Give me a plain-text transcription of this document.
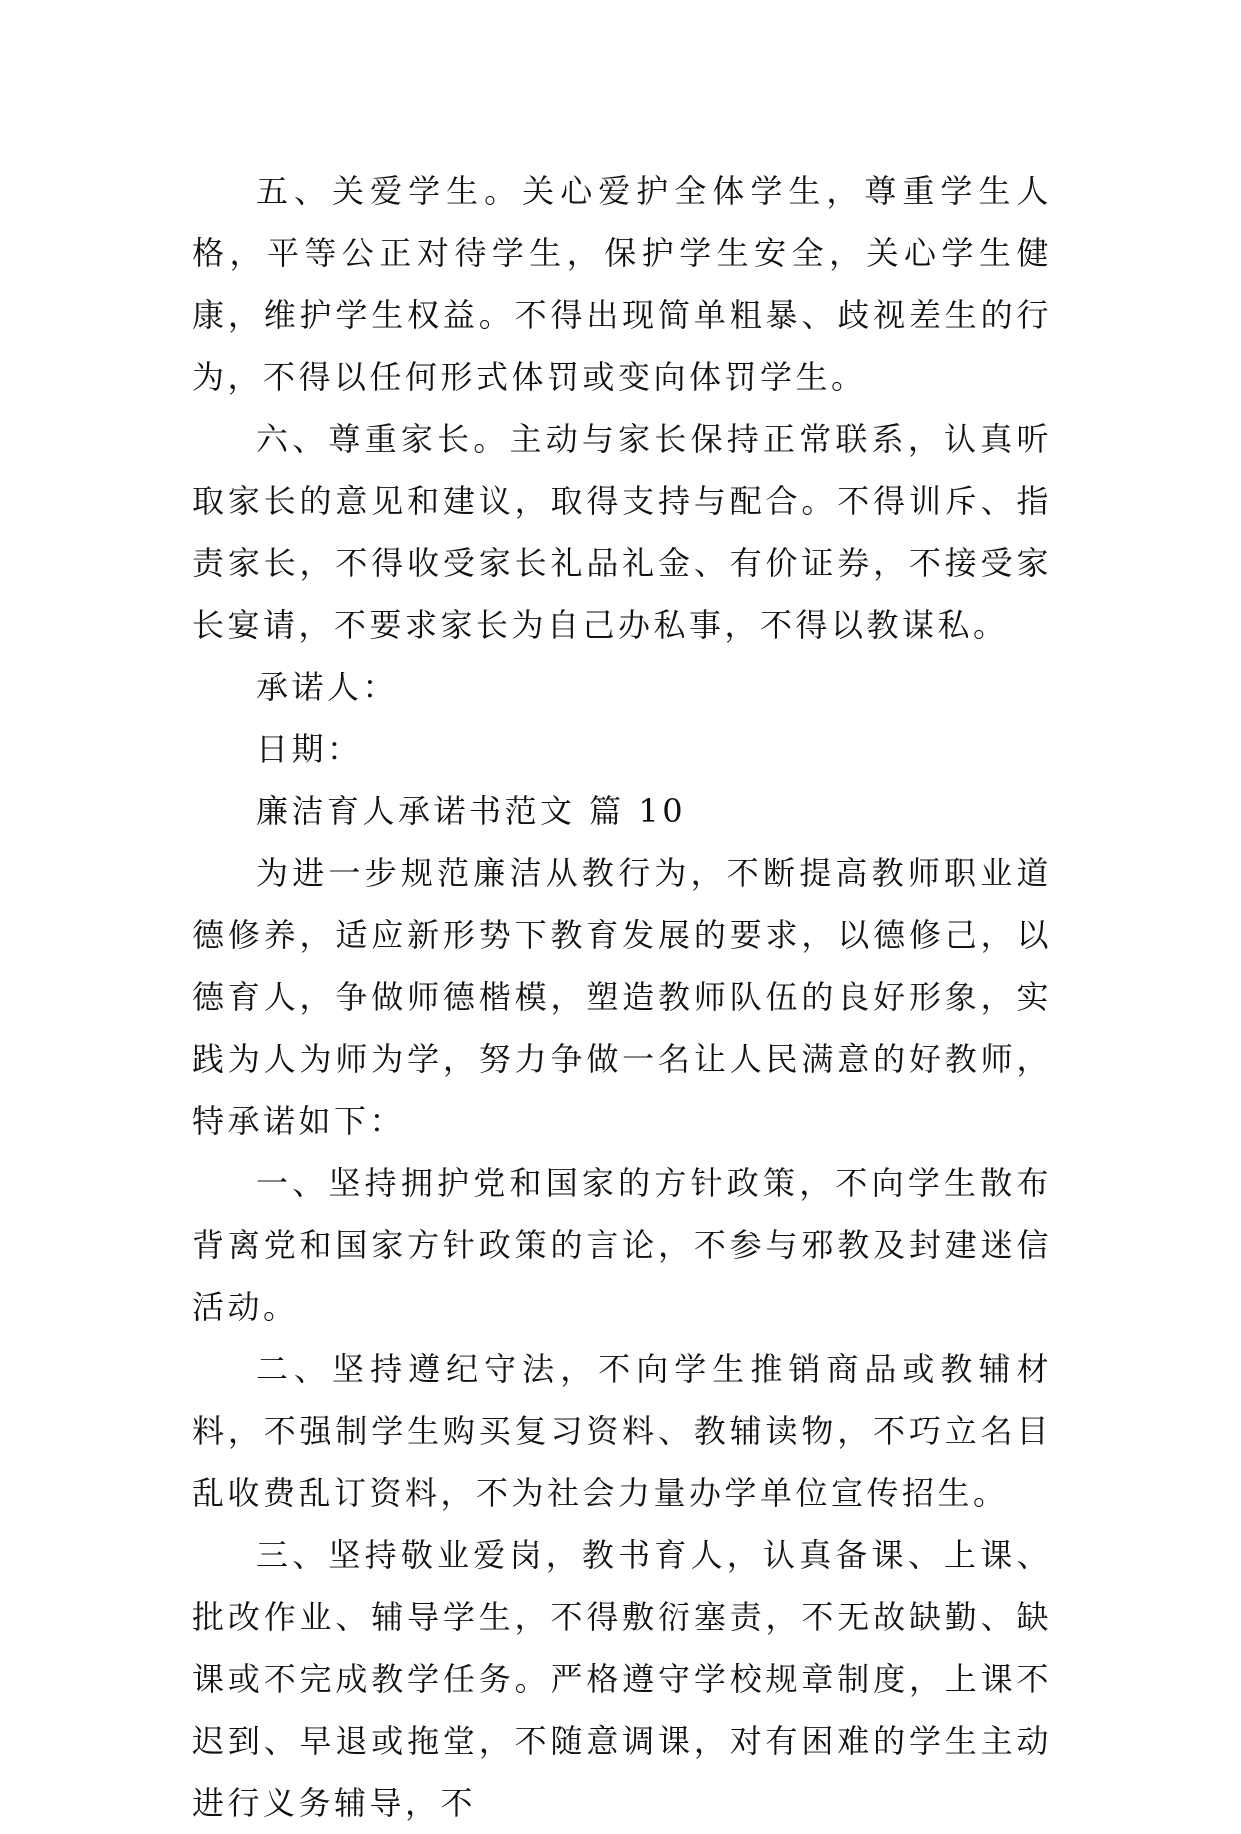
五、关爱学生。关心爱护全体学生，尊重学生人格，平等公正对待学生，保护学生安全，关心学生健康，维护学生权益。不得出现简单粗暴、歧视差生的行为，不得以任何形式体罚或变向体罚学生。

六、尊重家长。主动与家长保持正常联系，认真听取家长的意见和建议，取得支持与配合。不得训斥、指责家长，不得收受家长礼品礼金、有价证券，不接受家长宴请，不要求家长为自己办私事，不得以教谋私。

承诺人：

日期：

廉洁育人承诺书范文 篇 10

为进一步规范廉洁从教行为，不断提高教师职业道德修养，适应新形势下教育发展的要求，以德修己，以德育人，争做师德楷模，塑造教师队伍的良好形象，实践为人为师为学，努力争做一名让人民满意的好教师，特承诺如下：

一、坚持拥护党和国家的方针政策，不向学生散布背离党和国家方针政策的言论，不参与邪教及封建迷信活动。

二、坚持遵纪守法，不向学生推销商品或教辅材料，不强制学生购买复习资料、教辅读物，不巧立名目乱收费乱订资料，不为社会力量办学单位宣传招生。

三、坚持敬业爱岗，教书育人，认真备课、上课、批改作业、辅导学生，不得敷衍塞责，不无故缺勤、缺课或不完成教学任务。严格遵守学校规章制度，上课不迟到、早退或拖堂，不随意调课，对有困难的学生主动进行义务辅导，不
